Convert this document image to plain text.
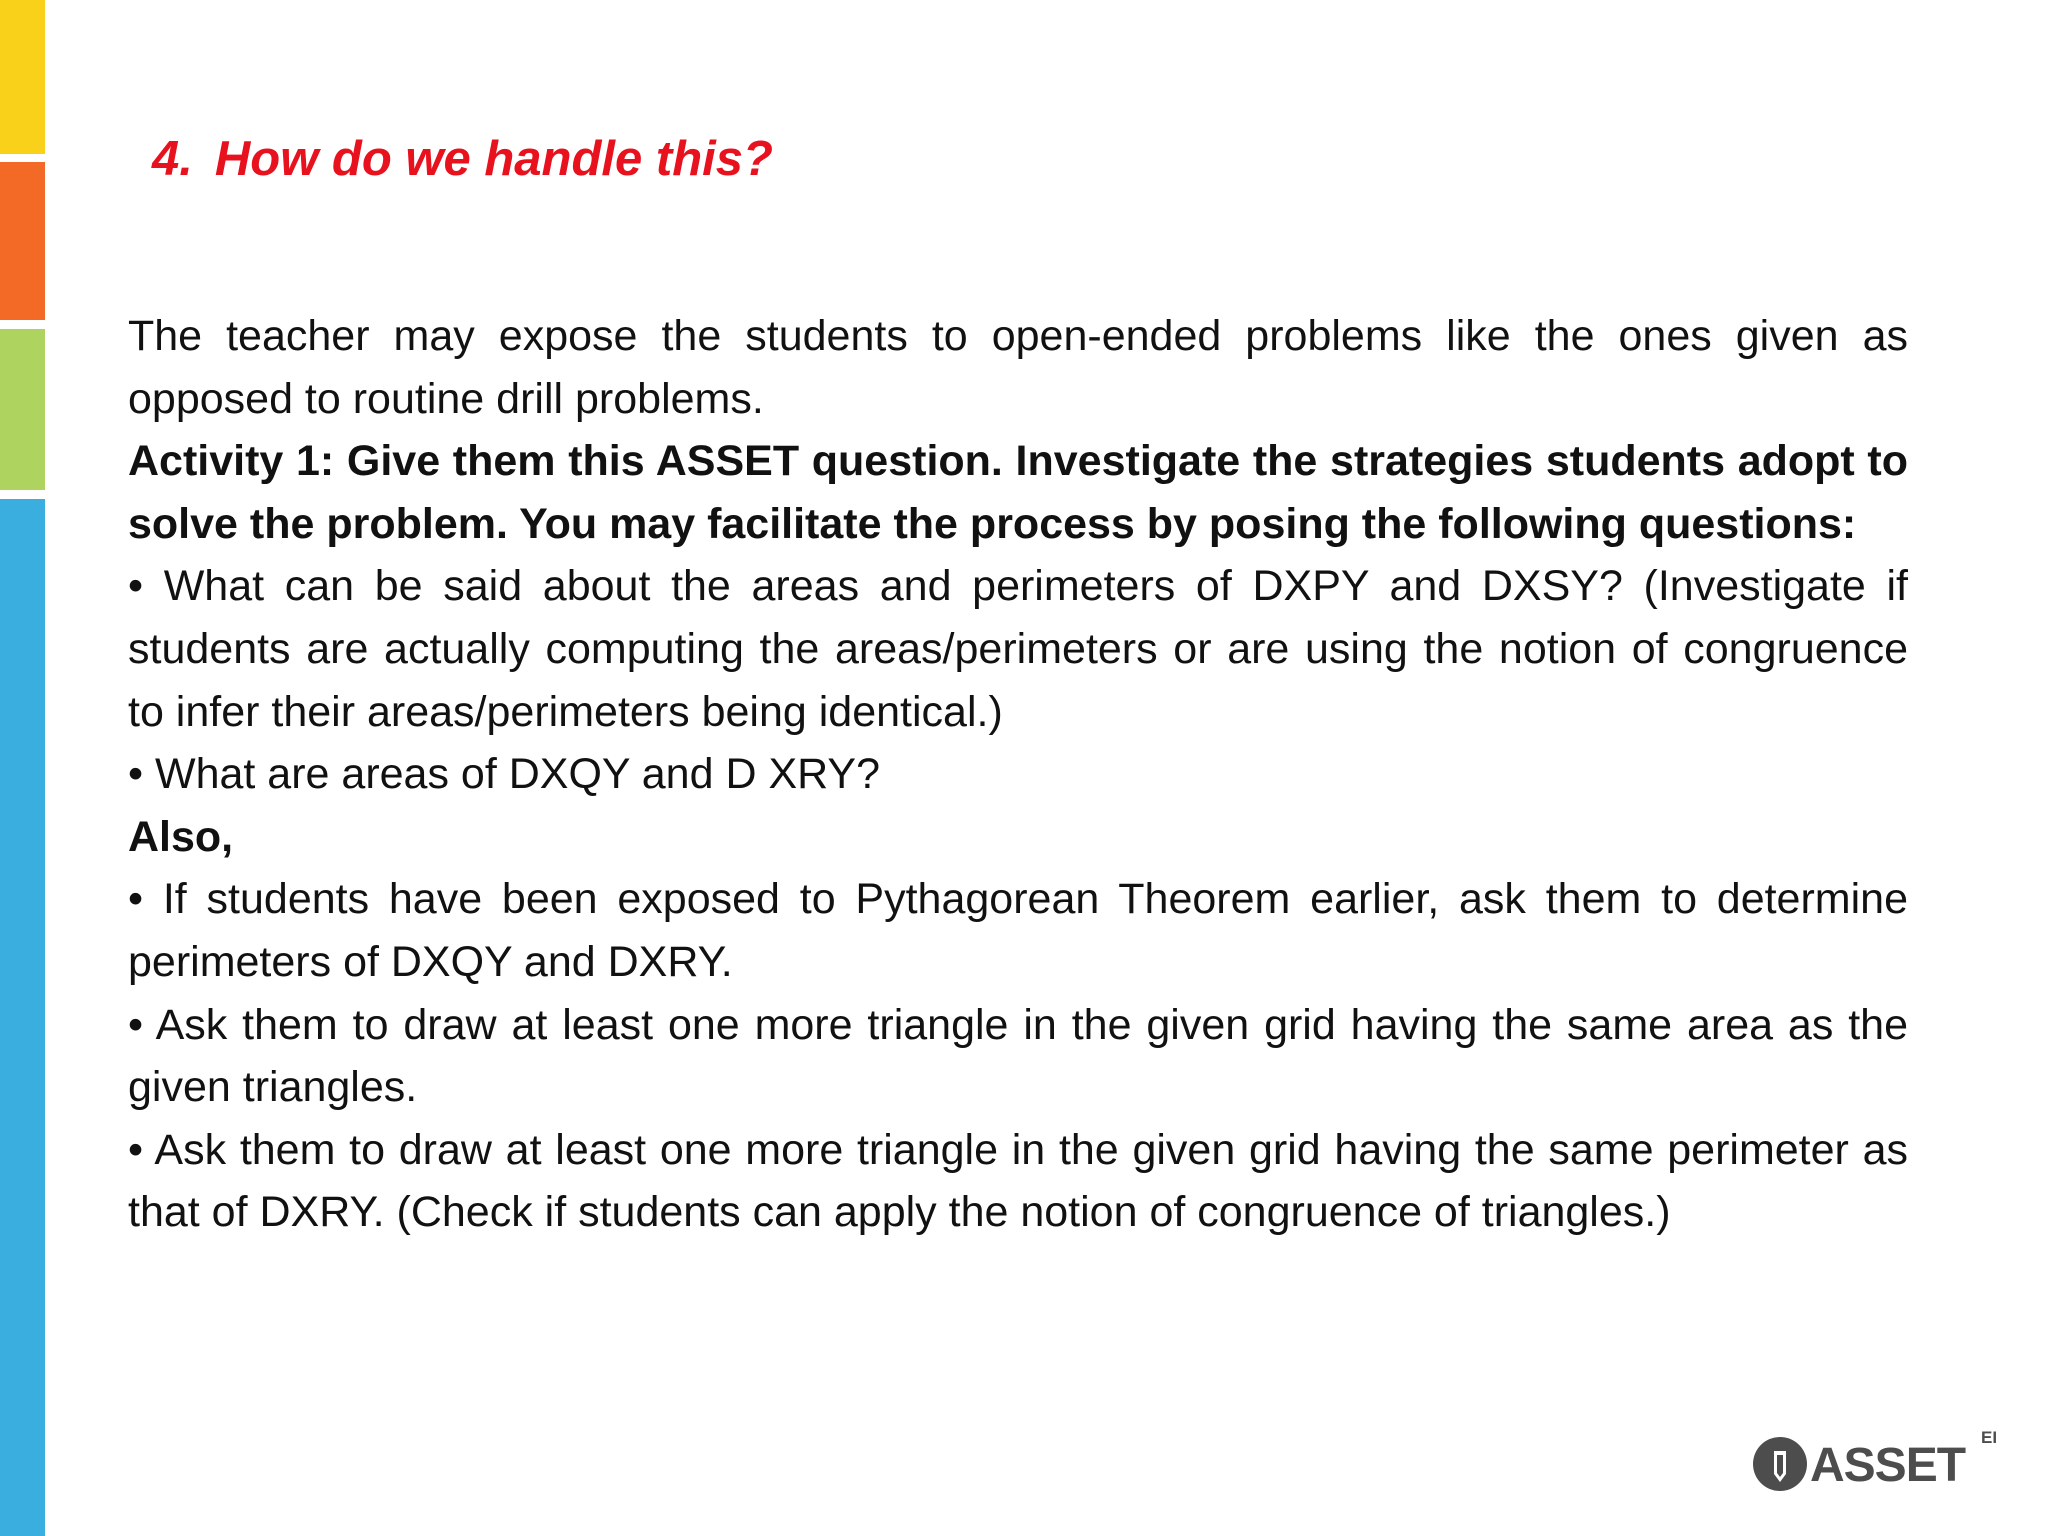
4. How do we handle this?

The teacher may expose the students to open-ended problems like the ones given as opposed to routine drill problems.

Activity 1: Give them this ASSET question. Investigate the strategies students adopt to solve the problem. You may facilitate the process by posing the following questions:

• What can be said about the areas and perimeters of DXPY and DXSY? (Investigate if students are actually computing the areas/perimeters or are using the notion of congruence to infer their areas/perimeters being identical.)

• What are areas of DXQY and D XRY?

Also,

• If students have been exposed to Pythagorean Theorem earlier, ask them to determine perimeters of DXQY and DXRY.

• Ask them to draw at least one more triangle in the given grid having the same area as the given triangles.

• Ask them to draw at least one more triangle in the given grid having the same perimeter as that of DXRY. (Check if students can apply the notion of congruence of triangles.)

ASSET
EI
